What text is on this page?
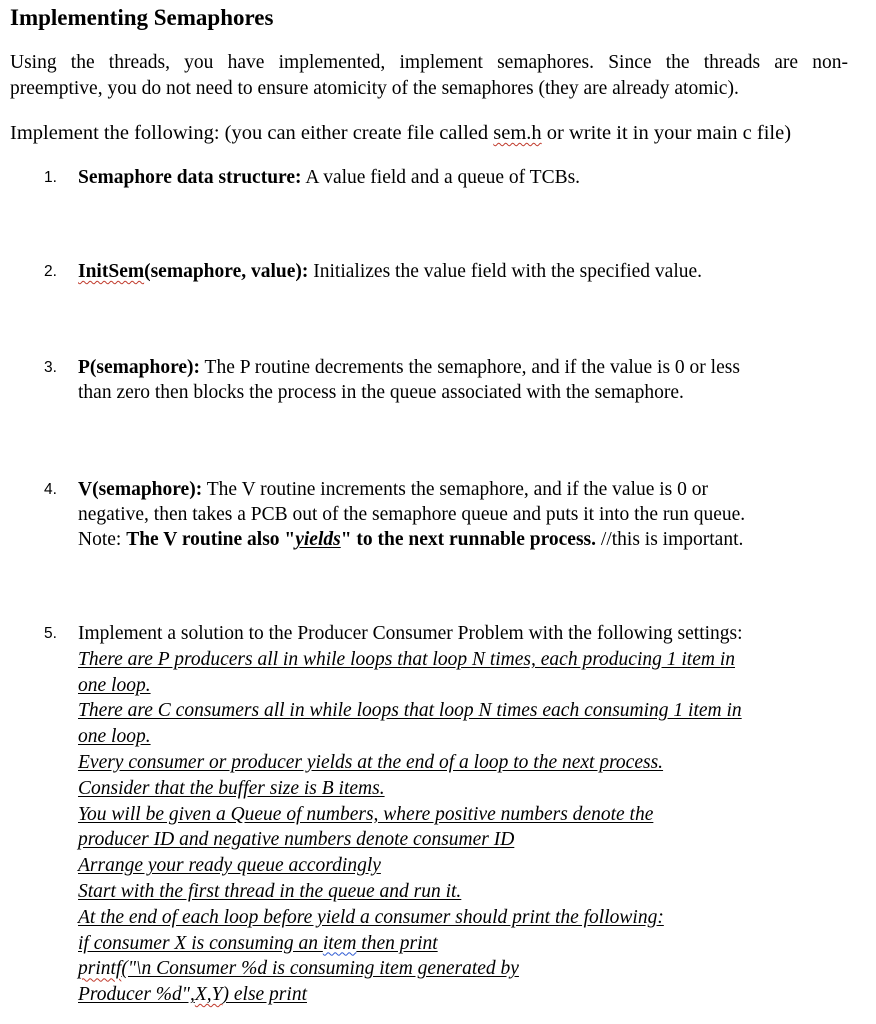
Implementing Semaphores
Using the threads, you have implemented, implement semaphores. Since the threads are non-
preemptive, you do not need to ensure atomicity of the semaphores (they are already atomic).
Implement the following: (you can either create file called sem.h or write it in your main c file)
1.	Semaphore data structure: A value field and a queue of TCBs.
2.	InitSem(semaphore, value): Initializes the value field with the specified value.
3.	P(semaphore): The P routine decrements the semaphore, and if the value is 0 or less
than zero then blocks the process in the queue associated with the semaphore.
4.	V(semaphore): The V routine increments the semaphore, and if the value is 0 or
negative, then takes a PCB out of the semaphore queue and puts it into the run queue.
Note: The V routine also "yields" to the next runnable process. //this is important.
5.	Implement a solution to the Producer Consumer Problem with the following settings:
There are P producers all in while loops that loop N times, each producing 1 item in
one loop.
There are C consumers all in while loops that loop N times each consuming 1 item in
one loop.
Every consumer or producer yields at the end of a loop to the next process.
Consider that the buffer size is B items.
You will be given a Queue of numbers, where positive numbers denote the
producer ID and negative numbers denote consumer ID
Arrange your ready queue accordingly
Start with the first thread in the queue and run it.
At the end of each loop before yield a consumer should print the following:
if consumer X is consuming an item then print
printf("\n Consumer %d is consuming item generated by
Producer %d",X,Y) else print
